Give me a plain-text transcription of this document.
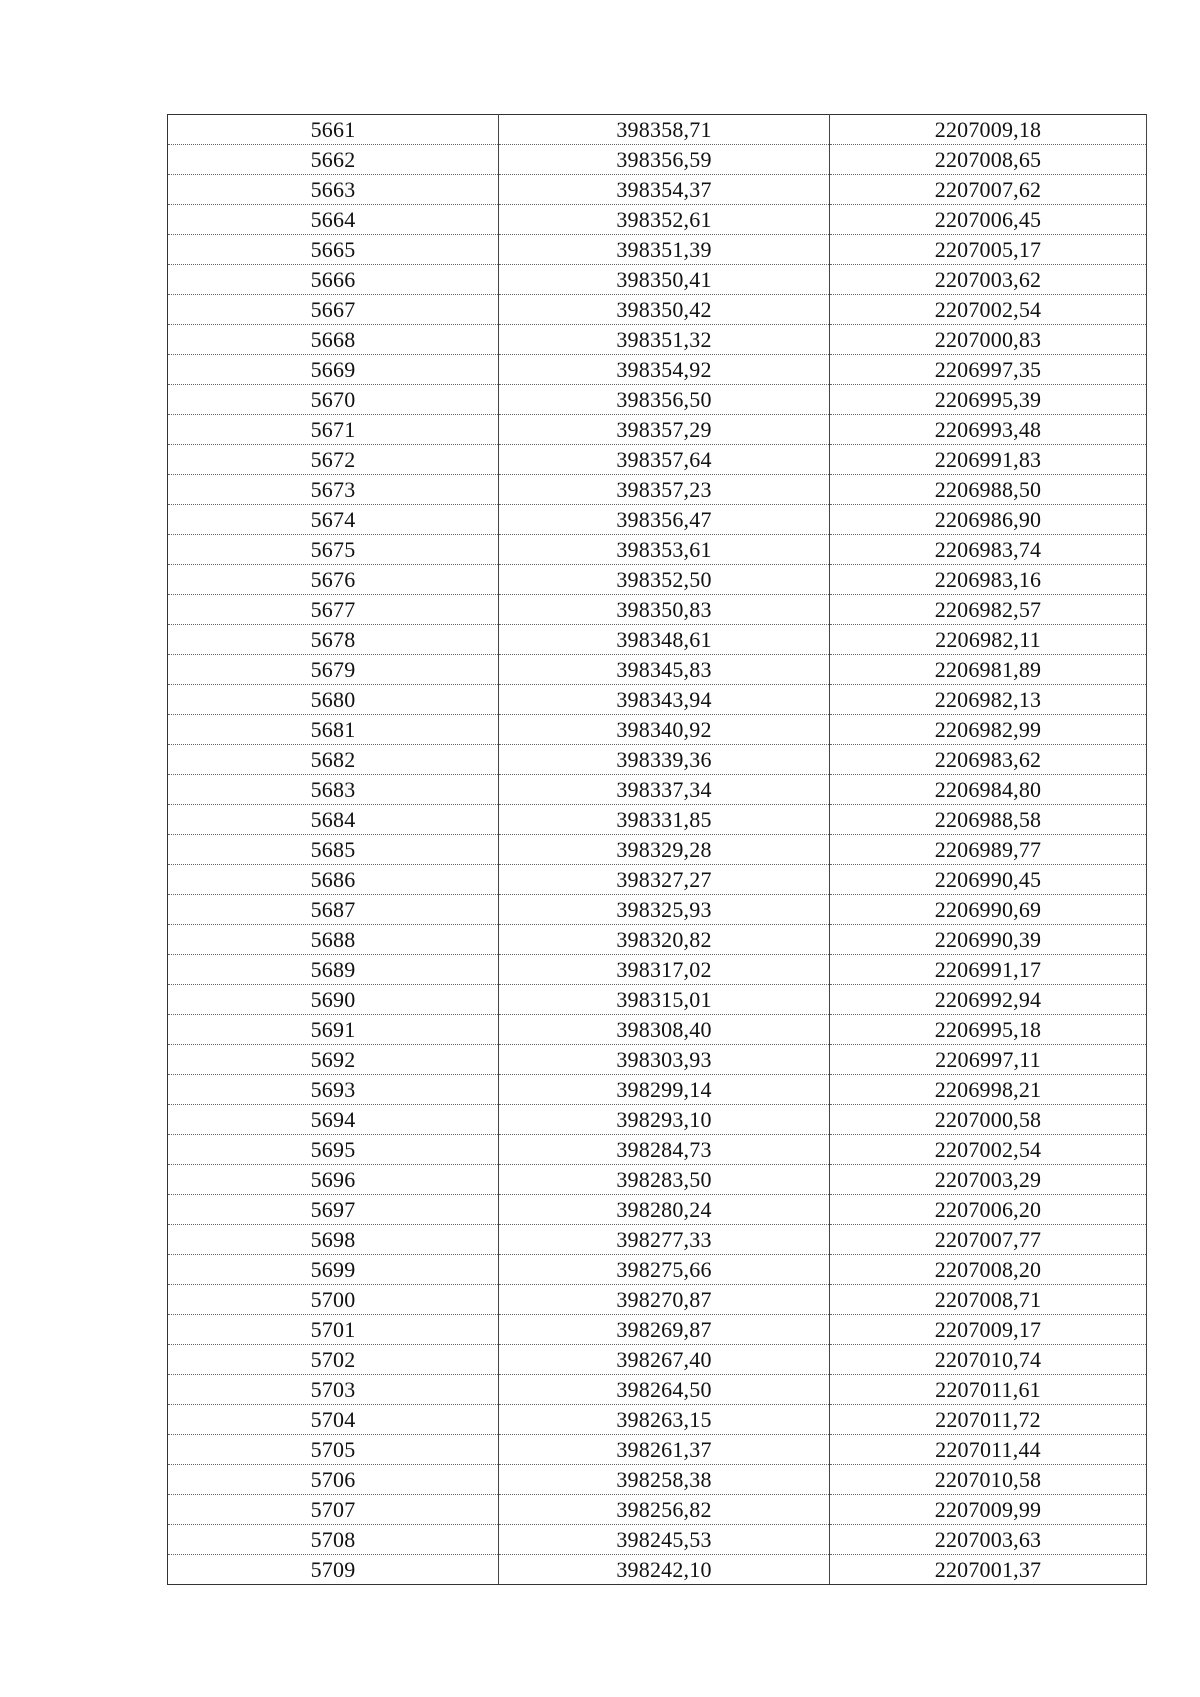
5661	398358,71	2207009,18
5662	398356,59	2207008,65
5663	398354,37	2207007,62
5664	398352,61	2207006,45
5665	398351,39	2207005,17
5666	398350,41	2207003,62
5667	398350,42	2207002,54
5668	398351,32	2207000,83
5669	398354,92	2206997,35
5670	398356,50	2206995,39
5671	398357,29	2206993,48
5672	398357,64	2206991,83
5673	398357,23	2206988,50
5674	398356,47	2206986,90
5675	398353,61	2206983,74
5676	398352,50	2206983,16
5677	398350,83	2206982,57
5678	398348,61	2206982,11
5679	398345,83	2206981,89
5680	398343,94	2206982,13
5681	398340,92	2206982,99
5682	398339,36	2206983,62
5683	398337,34	2206984,80
5684	398331,85	2206988,58
5685	398329,28	2206989,77
5686	398327,27	2206990,45
5687	398325,93	2206990,69
5688	398320,82	2206990,39
5689	398317,02	2206991,17
5690	398315,01	2206992,94
5691	398308,40	2206995,18
5692	398303,93	2206997,11
5693	398299,14	2206998,21
5694	398293,10	2207000,58
5695	398284,73	2207002,54
5696	398283,50	2207003,29
5697	398280,24	2207006,20
5698	398277,33	2207007,77
5699	398275,66	2207008,20
5700	398270,87	2207008,71
5701	398269,87	2207009,17
5702	398267,40	2207010,74
5703	398264,50	2207011,61
5704	398263,15	2207011,72
5705	398261,37	2207011,44
5706	398258,38	2207010,58
5707	398256,82	2207009,99
5708	398245,53	2207003,63
5709	398242,10	2207001,37
